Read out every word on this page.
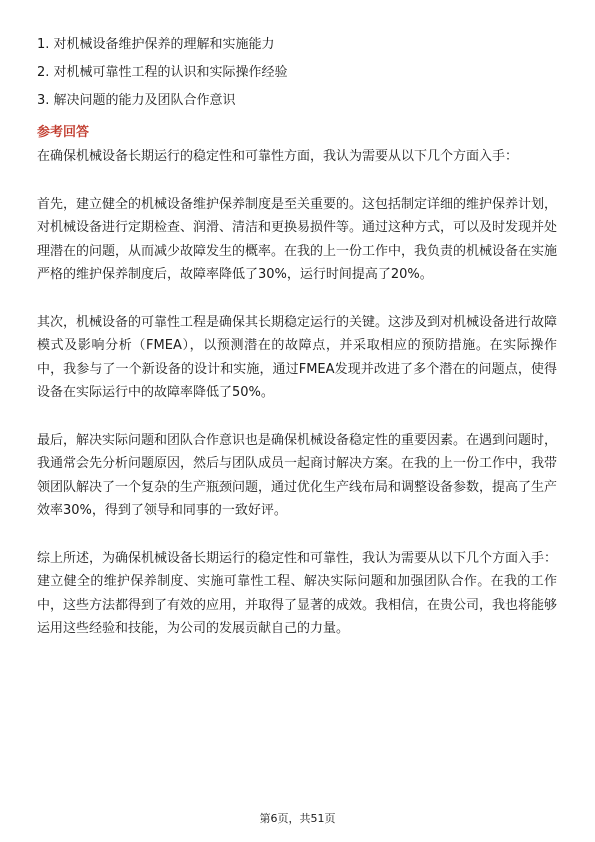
1. 对机械设备维护保养的理解和实施能力
2. 对机械可靠性工程的认识和实际操作经验
3. 解决问题的能力及团队合作意识
参考回答

在确保机械设备长期运行的稳定性和可靠性方面，我认为需要从以下几个方面入手：

首先，建立健全的机械设备维护保养制度是至关重要的。这包括制定详细的维护保养计划，对机械设备进行定期检查、润滑、清洁和更换易损件等。通过这种方式，可以及时发现并处理潜在的问题，从而减少故障发生的概率。在我的上一份工作中，我负责的机械设备在实施严格的维护保养制度后，故障率降低了30%，运行时间提高了20%。

其次，机械设备的可靠性工程是确保其长期稳定运行的关键。这涉及到对机械设备进行故障模式及影响分析（FMEA），以预测潜在的故障点，并采取相应的预防措施。在实际操作中，我参与了一个新设备的设计和实施，通过FMEA发现并改进了多个潜在的问题点，使得设备在实际运行中的故障率降低了50%。

最后，解决实际问题和团队合作意识也是确保机械设备稳定性的重要因素。在遇到问题时，我通常会先分析问题原因，然后与团队成员一起商讨解决方案。在我的上一份工作中，我带领团队解决了一个复杂的生产瓶颈问题，通过优化生产线布局和调整设备参数，提高了生产效率30%，得到了领导和同事的一致好评。

综上所述，为确保机械设备长期运行的稳定性和可靠性，我认为需要从以下几个方面入手：建立健全的维护保养制度、实施可靠性工程、解决实际问题和加强团队合作。在我的工作中，这些方法都得到了有效的应用，并取得了显著的成效。我相信，在贵公司，我也将能够运用这些经验和技能，为公司的发展贡献自己的力量。

第6页，共51页
